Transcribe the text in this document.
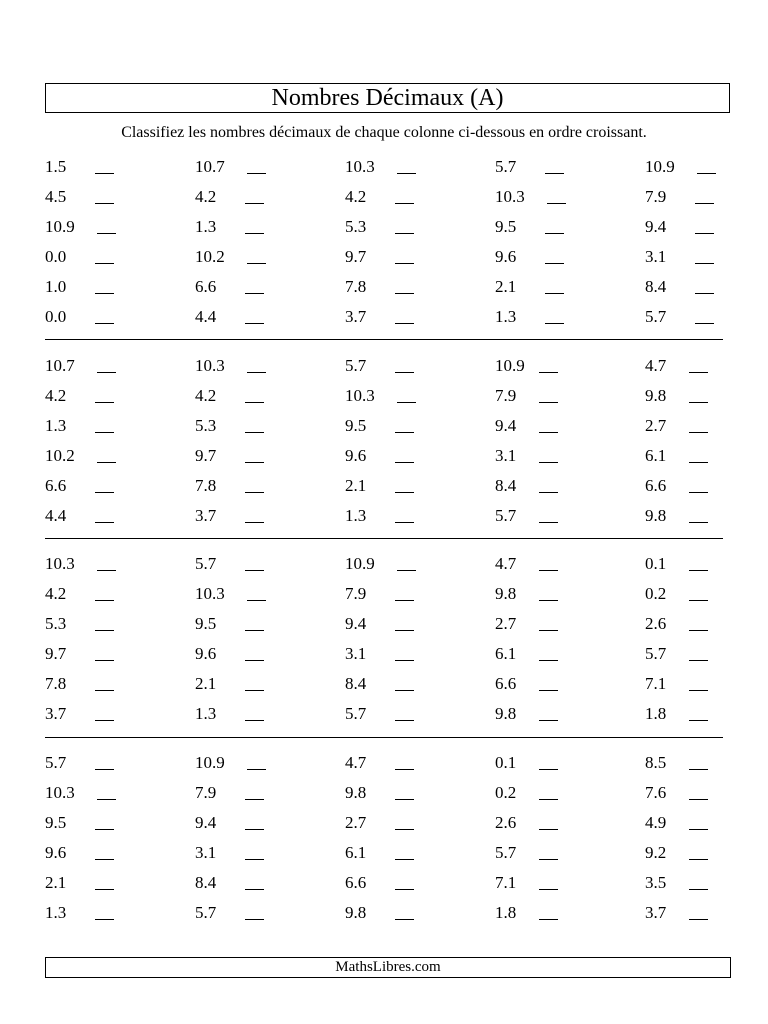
Nombres Décimaux (A)
Classifiez les nombres décimaux de chaque colonne ci-dessous en ordre croissant.
1.5
4.5
10.9
0.0
1.0
0.0
10.7
4.2
1.3
10.2
6.6
4.4
10.3
4.2
5.3
9.7
7.8
3.7
5.7
10.3
9.5
9.6
2.1
1.3
10.9
7.9
9.4
3.1
8.4
5.7
10.7
4.2
1.3
10.2
6.6
4.4
10.3
4.2
5.3
9.7
7.8
3.7
5.7
10.3
9.5
9.6
2.1
1.3
10.9
7.9
9.4
3.1
8.4
5.7
4.7
9.8
2.7
6.1
6.6
9.8
10.3
4.2
5.3
9.7
7.8
3.7
5.7
10.3
9.5
9.6
2.1
1.3
10.9
7.9
9.4
3.1
8.4
5.7
4.7
9.8
2.7
6.1
6.6
9.8
0.1
0.2
2.6
5.7
7.1
1.8
5.7
10.3
9.5
9.6
2.1
1.3
10.9
7.9
9.4
3.1
8.4
5.7
4.7
9.8
2.7
6.1
6.6
9.8
0.1
0.2
2.6
5.7
7.1
1.8
8.5
7.6
4.9
9.2
3.5
3.7
MathsLibres.com
